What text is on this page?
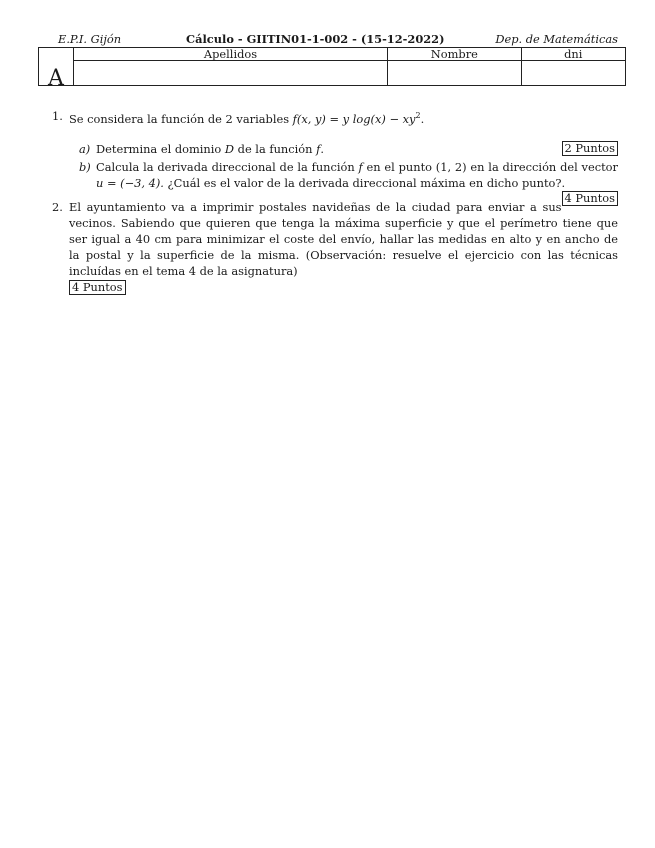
E.P.I. Gijón	Cálculo - GIITIN01-1-002 - (15-12-2022)	Dep. de Matemáticas
A	Apellidos	Nombre	dni

1. Se considera la función de 2 variables f(x, y) = y $\log(x) - xy^2$.
a) Determina el dominio D de la función f.	2 Puntos
b) Calcula la derivada direccional de la función f en el punto (1, 2) en la dirección del vector
u = (−3, 4). ¿Cuál es el valor de la derivada direccional máxima en dicho punto?.
4 Puntos
2. El ayuntamiento va a imprimir postales navideñas de la ciudad para enviar a sus vecinos. Sabiendo que quieren que tenga la máxima superficie y que el perímetro tiene que ser igual a 40 cm para minimizar el coste del envío, hallar las medidas en alto y en ancho de la postal y la superficie de la misma. (Observación: resuelve el ejercicio con las técnicas incluídas en el tema 4 de la asignatura)
4 Puntos
